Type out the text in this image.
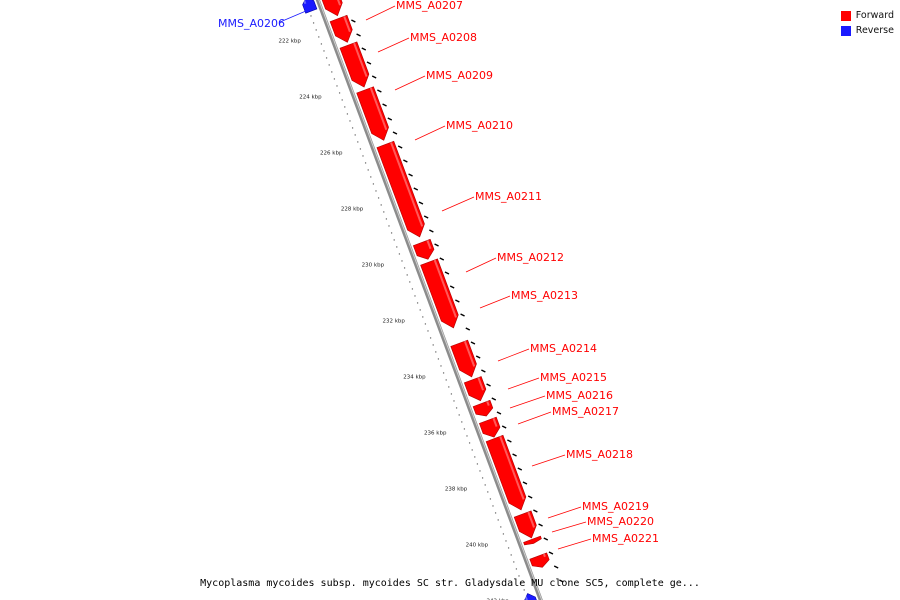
222 kbp
224 kbp
226 kbp
228 kbp
230 kbp
232 kbp
234 kbp
236 kbp
238 kbp
240 kbp
MMS_A0206
MMS_A0207
MMS_A0208
MMS_A0209
MMS_A0210
MMS_A0211
MMS_A0212
MMS_A0213
MMS_A0214
MMS_A0215
MMS_A0216
MMS_A0217
MMS_A0218
MMS_A0219
MMS_A0220
MMS_A0221
Forward
Reverse
Mycoplasma mycoides subsp. mycoides SC str. Gladysdale MU clone SC5, complete ge...
